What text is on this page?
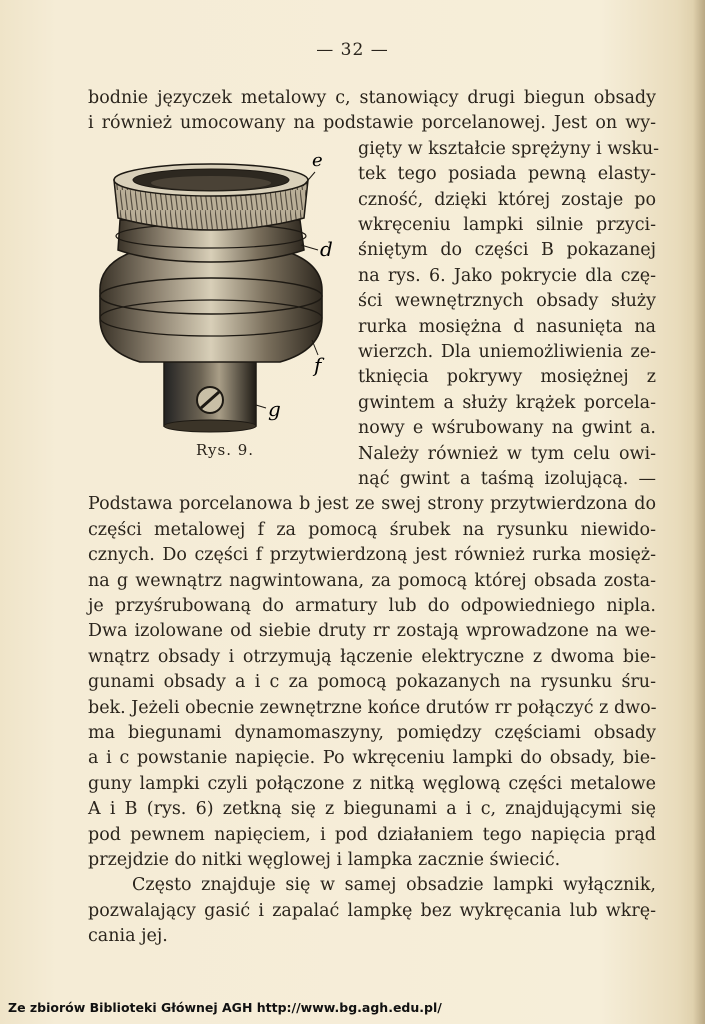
— 32 —
bodnie języczek metalowy c, stanowiący drugi biegun obsady
i również umocowany na podstawie porcelanowej. Jest on wy-
gięty w kształcie sprężyny i wsku-
tek tego posiada pewną elasty-
czność, dzięki której zostaje po
wkręceniu lampki silnie przyci-
śniętym do części B pokazanej
na rys. 6. Jako pokrycie dla czę-
ści wewnętrznych obsady służy
rurka mosiężna d nasunięta na
wierzch. Dla uniemożliwienia ze-
tknięcia pokrywy mosiężnej z
gwintem a służy krążek porcela-
nowy e wśrubowany na gwint a.
Należy również w tym celu owi-
nąć gwint a taśmą izolującą. —
Podstawa porcelanowa b jest ze swej strony przytwierdzona do
części metalowej f za pomocą śrubek na rysunku niewido-
cznych. Do części f przytwierdzoną jest również rurka mosięż-
na g wewnątrz nagwintowana, za pomocą której obsada zosta-
je przyśrubowaną do armatury lub do odpowiedniego nipla.
Dwa izolowane od siebie druty rr zostają wprowadzone na we-
wnątrz obsady i otrzymują łączenie elektryczne z dwoma bie-
gunami obsady a i c za pomocą pokazanych na rysunku śru-
bek. Jeżeli obecnie zewnętrzne końce drutów rr połączyć z dwo-
ma biegunami dynamomaszyny, pomiędzy częściami obsady
a i c powstanie napięcie. Po wkręceniu lampki do obsady, bie-
guny lampki czyli połączone z nitką węglową części metalowe
A i B (rys. 6) zetkną się z biegunami a i c, znajdującymi się
pod pewnem napięciem, i pod działaniem tego napięcia prąd
przejdzie do nitki węglowej i lampka zacznie świecić.
Często znajduje się w samej obsadzie lampki wyłącznik,
pozwalający gasić i zapalać lampkę bez wykręcania lub wkrę-
cania jej.
e
d
f
g
Rys. 9.
Ze zbiorów Biblioteki Głównej AGH http://www.bg.agh.edu.pl/
